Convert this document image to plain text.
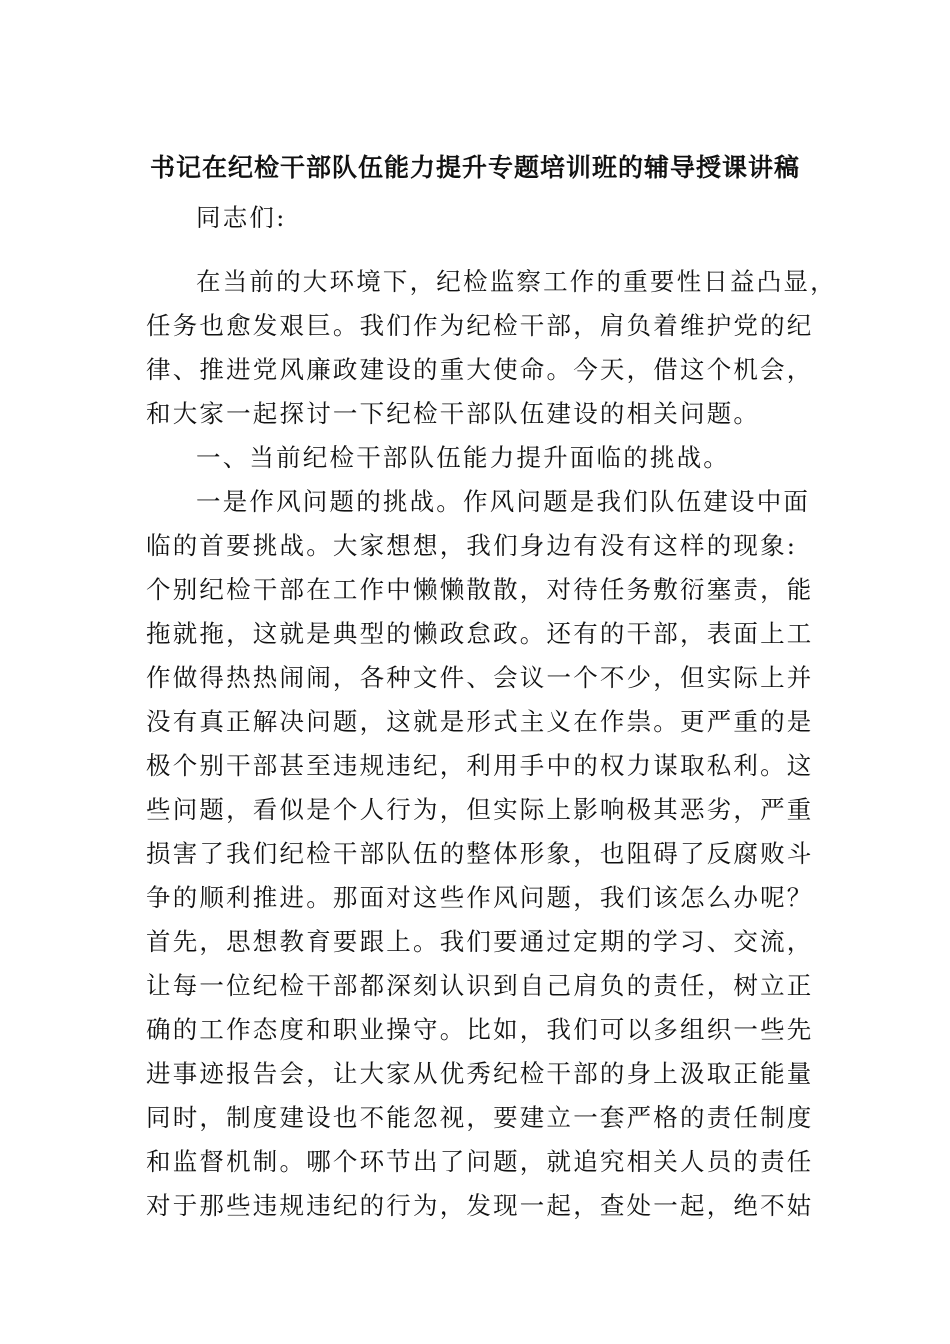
书记在纪检干部队伍能力提升专题培训班的辅导授课讲稿
同志们:
在当前的大环境下，纪检监察工作的重要性日益凸显，
任务也愈发艰巨。我们作为纪检干部，肩负着维护党的纪
律、推进党风廉政建设的重大使命。今天，借这个机会，
和大家一起探讨一下纪检干部队伍建设的相关问题。
一、当前纪检干部队伍能力提升面临的挑战。
一是作风问题的挑战。作风问题是我们队伍建设中面
临的首要挑战。大家想想，我们身边有没有这样的现象:
个别纪检干部在工作中懒懒散散，对待任务敷衍塞责，能
拖就拖，这就是典型的懒政怠政。还有的干部，表面上工
作做得热热闹闹，各种文件、会议一个不少，但实际上并
没有真正解决问题，这就是形式主义在作祟。更严重的是
极个别干部甚至违规违纪，利用手中的权力谋取私利。这
些问题，看似是个人行为，但实际上影响极其恶劣，严重
损害了我们纪检干部队伍的整体形象，也阻碍了反腐败斗
争的顺利推进。那面对这些作风问题，我们该怎么办呢？
首先，思想教育要跟上。我们要通过定期的学习、交流，
让每一位纪检干部都深刻认识到自己肩负的责任，树立正
确的工作态度和职业操守。比如，我们可以多组织一些先
进事迹报告会，让大家从优秀纪检干部的身上汲取正能量
同时，制度建设也不能忽视，要建立一套严格的责任制度
和监督机制。哪个环节出了问题，就追究相关人员的责任
对于那些违规违纪的行为，发现一起，查处一起，绝不姑
